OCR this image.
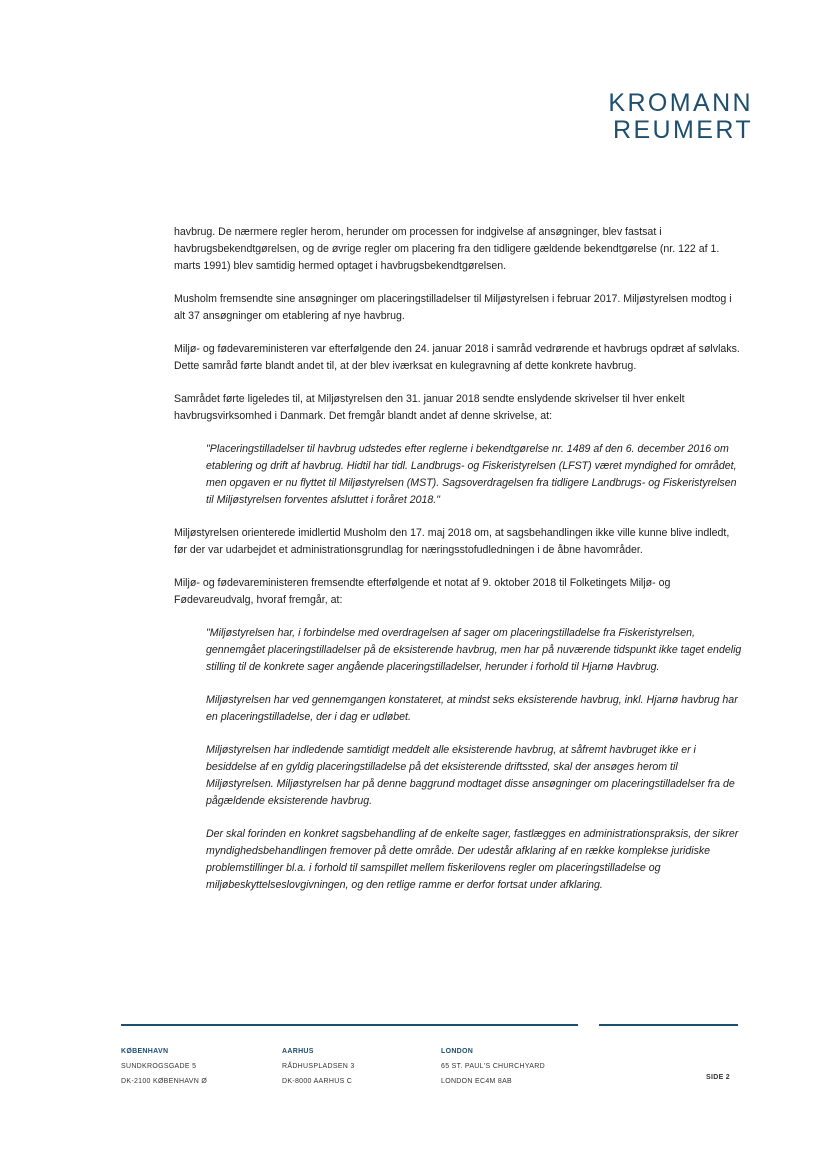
KROMANN
REUMERT

havbrug. De nærmere regler herom, herunder om processen for indgivelse af ansøgninger, blev fastsat i havbrugsbekendtgørelsen, og de øvrige regler om placering fra den tidligere gældende bekendtgørelse (nr. 122 af 1. marts 1991) blev samtidig hermed optaget i havbrugsbekendtgørelsen.

Musholm fremsendte sine ansøgninger om placeringstilladelser til Miljøstyrelsen i februar 2017. Miljøstyrelsen modtog i alt 37 ansøgninger om etablering af nye havbrug.

Miljø- og fødevareministeren var efterfølgende den 24. januar 2018 i samråd vedrørende et havbrugs opdræt af sølvlaks. Dette samråd førte blandt andet til, at der blev iværksat en kulegravning af dette konkrete havbrug.

Samrådet førte ligeledes til, at Miljøstyrelsen den 31. januar 2018 sendte enslydende skrivelser til hver enkelt havbrugsvirksomhed i Danmark. Det fremgår blandt andet af denne skrivelse, at:

"Placeringstilladelser til havbrug udstedes efter reglerne i bekendtgørelse nr. 1489 af den 6. december 2016 om etablering og drift af havbrug. Hidtil har tidl. Landbrugs- og Fiskeristyrelsen (LFST) været myndighed for området, men opgaven er nu flyttet til Miljøstyrelsen (MST). Sagsoverdragelsen fra tidligere Landbrugs- og Fiskeristyrelsen til Miljøstyrelsen forventes afsluttet i foråret 2018."

Miljøstyrelsen orienterede imidlertid Musholm den 17. maj 2018 om, at sagsbehandlingen ikke ville kunne blive indledt, før der var udarbejdet et administrationsgrundlag for næringsstofudledningen i de åbne havområder.

Miljø- og fødevareministeren fremsendte efterfølgende et notat af 9. oktober 2018 til Folketingets Miljø- og Fødevareudvalg, hvoraf fremgår, at:

"Miljøstyrelsen har, i forbindelse med overdragelsen af sager om placeringstilladelse fra Fiskeristyrelsen, gennemgået placeringstilladelser på de eksisterende havbrug, men har på nuværende tidspunkt ikke taget endelig stilling til de konkrete sager angående placeringstilladelser, herunder i forhold til Hjarnø Havbrug.

Miljøstyrelsen har ved gennemgangen konstateret, at mindst seks eksisterende havbrug, inkl. Hjarnø havbrug har en placeringstilladelse, der i dag er udløbet.

Miljøstyrelsen har indledende samtidigt meddelt alle eksisterende havbrug, at såfremt havbruget ikke er i besiddelse af en gyldig placeringstilladelse på det eksisterende driftssted, skal der ansøges herom til Miljøstyrelsen. Miljøstyrelsen har på denne baggrund modtaget disse ansøgninger om placeringstilladelser fra de pågældende eksisterende havbrug.

Der skal forinden en konkret sagsbehandling af de enkelte sager, fastlægges en administrationspraksis, der sikrer myndighedsbehandlingen fremover på dette område. Der udestår afklaring af en række komplekse juridiske problemstillinger bl.a. i forhold til samspillet mellem fiskerilovens regler om placeringstilladelse og miljøbeskyttelseslovgivningen, og den retlige ramme er derfor fortsat under afklaring.

KØBENHAVN
SUNDKROGSGADE 5
DK-2100 KØBENHAVN Ø
AARHUS
RÅDHUSPLADSEN 3
DK-8000 AARHUS C
LONDON
65 ST. PAUL'S CHURCHYARD
LONDON EC4M 8AB
SIDE 2
